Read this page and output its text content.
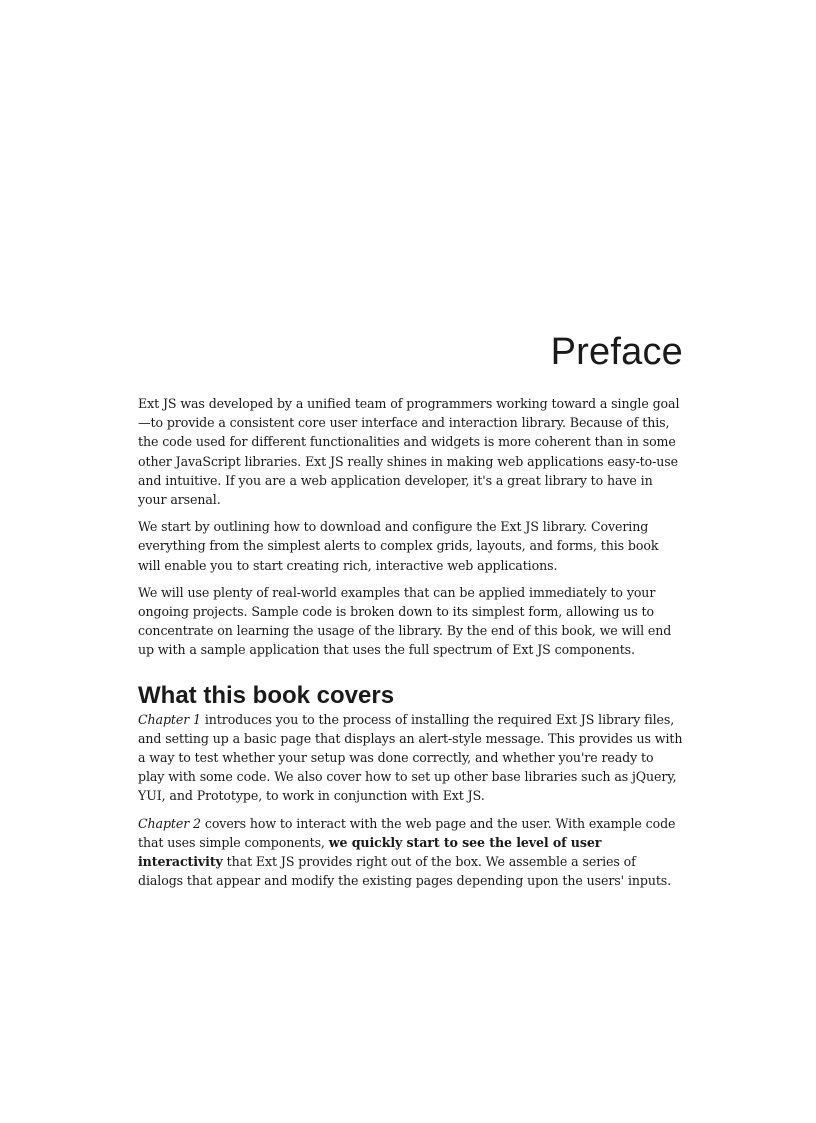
Preface

Ext JS was developed by a unified team of programmers working toward a single goal—to provide a consistent core user interface and interaction library. Because of this, the code used for different functionalities and widgets is more coherent than in some other JavaScript libraries. Ext JS really shines in making web applications easy-to-use and intuitive. If you are a web application developer, it's a great library to have in your arsenal.

We start by outlining how to download and configure the Ext JS library. Covering everything from the simplest alerts to complex grids, layouts, and forms, this book will enable you to start creating rich, interactive web applications.

We will use plenty of real-world examples that can be applied immediately to your ongoing projects. Sample code is broken down to its simplest form, allowing us to concentrate on learning the usage of the library. By the end of this book, we will end up with a sample application that uses the full spectrum of Ext JS components.

What this book covers

Chapter 1 introduces you to the process of installing the required Ext JS library files, and setting up a basic page that displays an alert-style message. This provides us with a way to test whether your setup was done correctly, and whether you're ready to play with some code. We also cover how to set up other base libraries such as jQuery, YUI, and Prototype, to work in conjunction with Ext JS.

Chapter 2 covers how to interact with the web page and the user. With example code that uses simple components, we quickly start to see the level of user interactivity that Ext JS provides right out of the box. We assemble a series of dialogs that appear and modify the existing pages depending upon the users' inputs.
